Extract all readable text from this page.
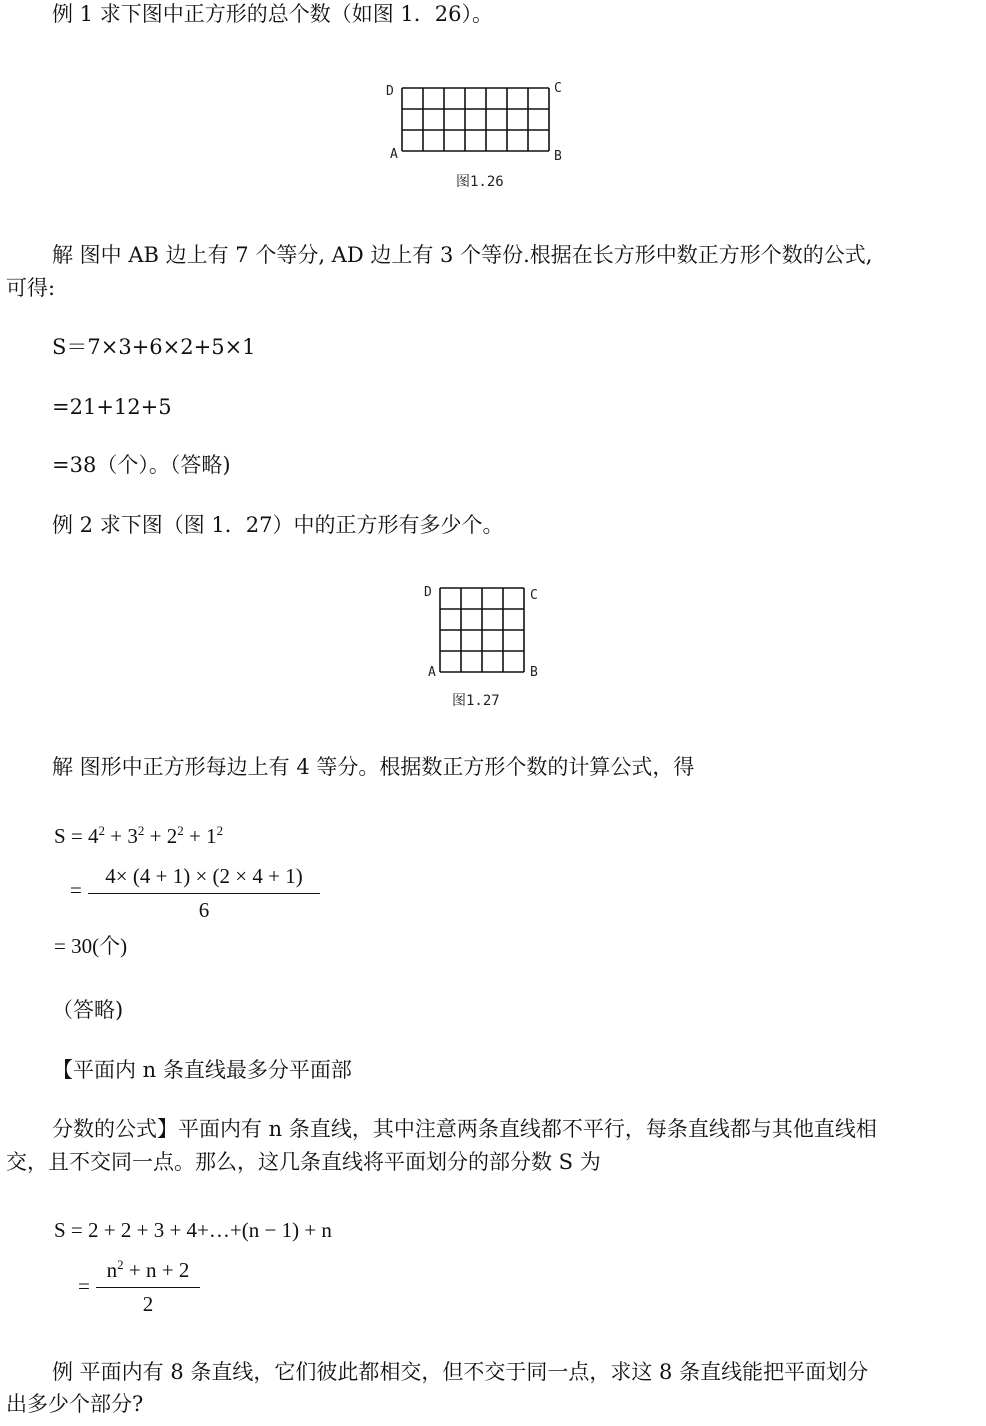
例 1 求下图中正方形的总个数（如图 1．26）。
D	C
A	B
图1.26
解 图中 AB 边上有 7 个等分, AD 边上有 3 个等份.根据在长方形中数正方形个数的公式,
可得:
S＝7×3+6×2+5×1
=21+12+5
=38（个）。（答略)
例 2 求下图（图 1．27）中的正方形有多少个。
D	C
A	B
图1.27
解 图形中正方形每边上有 4 等分。根据数正方形个数的计算公式，得
$S = 4^2 + 3^2 + 2^2 + 1^2$
= $\frac{4\times (4 + 1) \times (2 \times 4 + 1)}{6}$
= 30(个)
（答略)
【平面内 n 条直线最多分平面部
分数的公式】平面内有 n 条直线，其中注意两条直线都不平行，每条直线都与其他直线相
交，且不交同一点。那么，这几条直线将平面划分的部分数 S 为
S = 2 + 2 + 3 + 4+…+(n − 1) + n
= $\frac{n^2 + n + 2}{2}$
例 平面内有 8 条直线，它们彼此都相交，但不交于同一点，求这 8 条直线能把平面划分
出多少个部分?
